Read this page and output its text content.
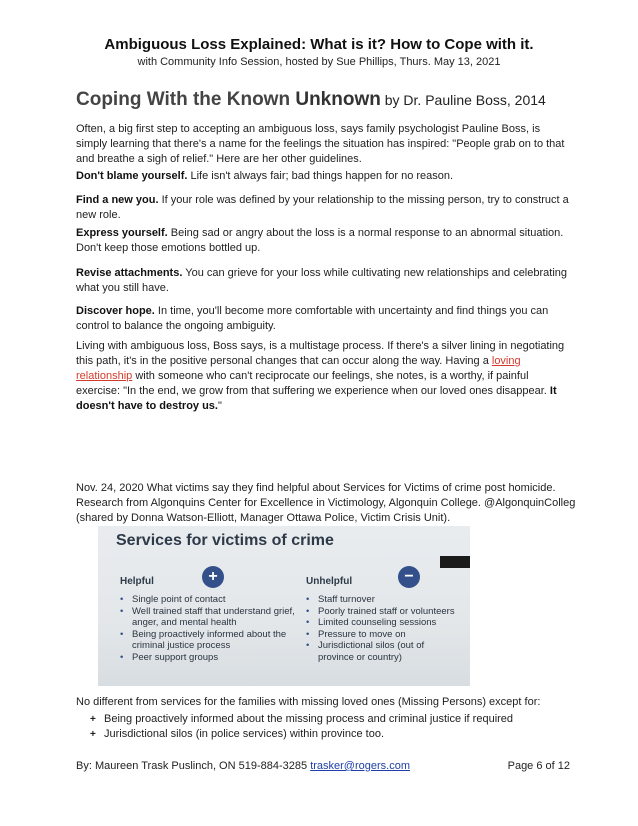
Ambiguous Loss Explained: What is it? How to Cope with it.
with Community Info Session, hosted by Sue Phillips, Thurs. May 13, 2021
Coping With the Known Unknown by Dr. Pauline Boss, 2014
Often, a big first step to accepting an ambiguous loss, says family psychologist Pauline Boss, is simply learning that there's a name for the feelings the situation has inspired: "People grab on to that and breathe a sigh of relief." Here are her other guidelines.
Don't blame yourself. Life isn't always fair; bad things happen for no reason.
Find a new you. If your role was defined by your relationship to the missing person, try to construct a new role.
Express yourself. Being sad or angry about the loss is a normal response to an abnormal situation. Don't keep those emotions bottled up.
Revise attachments. You can grieve for your loss while cultivating new relationships and celebrating what you still have.
Discover hope. In time, you'll become more comfortable with uncertainty and find things you can control to balance the ongoing ambiguity.
Living with ambiguous loss, Boss says, is a multistage process. If there's a silver lining in negotiating this path, it's in the positive personal changes that can occur along the way. Having a loving relationship with someone who can't reciprocate our feelings, she notes, is a worthy, if painful exercise: "In the end, we grow from that suffering we experience when our loved ones disappear. It doesn't have to destroy us."
Nov. 24, 2020 What victims say they find helpful about Services for Victims of crime post homicide.
Research from Algonquins Center for Excellence in Victimology, Algonquin College. @AlgonquinColleg
(shared by Donna Watson-Elliott, Manager Ottawa Police, Victim Crisis Unit).
Services for victims of crime
Helpful	+	Unhelpful	−
• Single point of contact
• Well trained staff that understand grief, anger, and mental health
• Being proactively informed about the criminal justice process
• Peer support groups
• Staff turnover
• Poorly trained staff or volunteers
• Limited counseling sessions
• Pressure to move on
• Jurisdictional silos (out of province or country)
No different from services for the families with missing loved ones (Missing Persons) except for:
+ Being proactively informed about the missing process and criminal justice if required
+ Jurisdictional silos (in police services) within province too.
By: Maureen Trask Puslinch, ON 519-884-3285 trasker@rogers.com	Page 6 of 12
